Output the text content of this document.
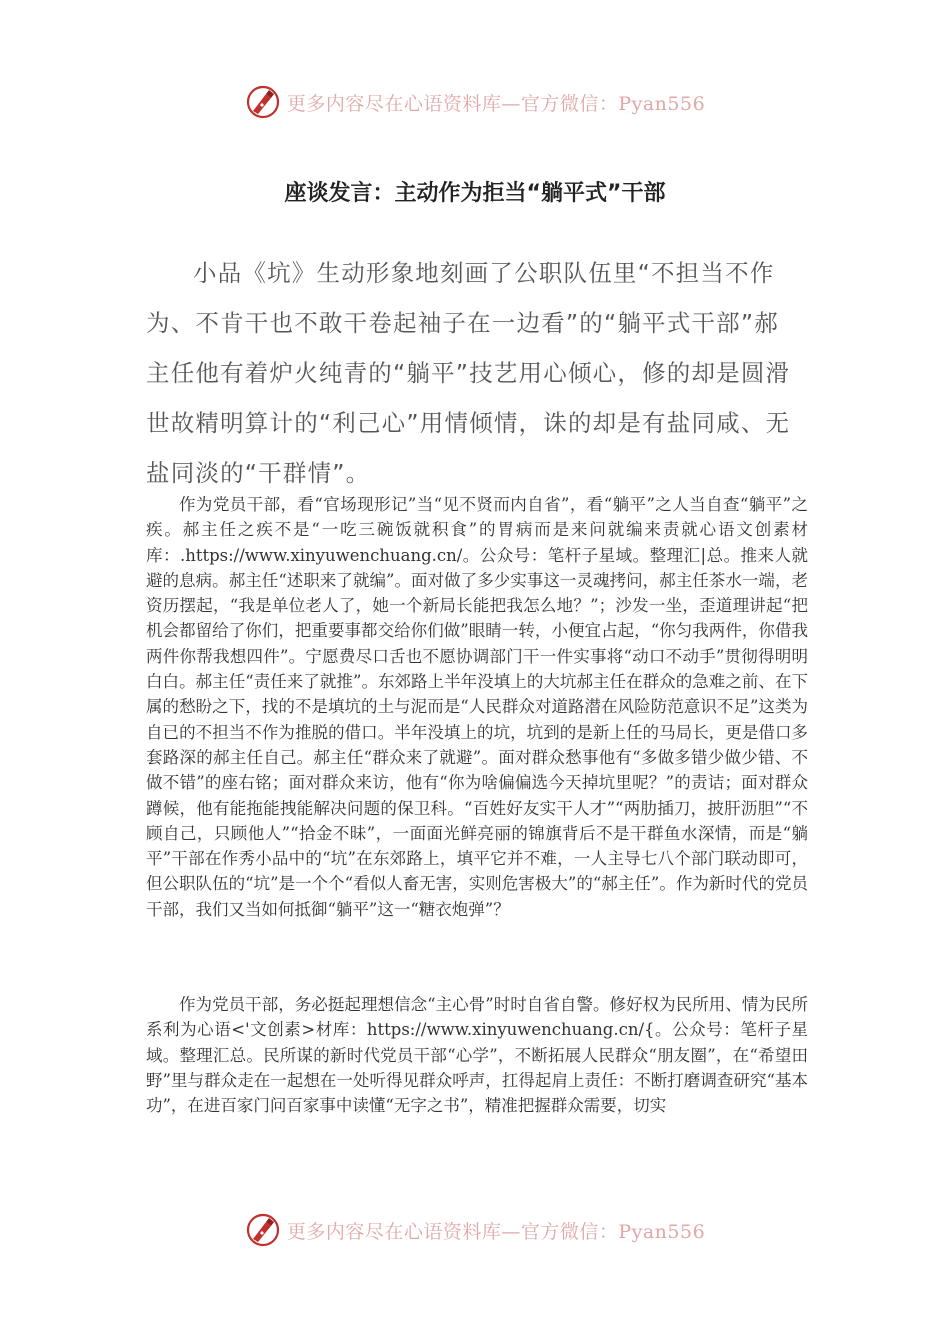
更多内容尽在心语资料库—官方微信：Pyan556
座谈发言：主动作为拒当“躺平式”干部

小品《坑》生动形象地刻画了公职队伍里“不担当不作为、不肯干也不敢干卷起袖子在一边看”的“躺平式干部”郝主任他有着炉火纯青的“躺平”技艺用心倾心，修的却是圆滑世故精明算计的“利己心”用情倾情，诛的却是有盐同咸、无盐同淡的“干群情”。

作为党员干部，看“官场现形记”当“见不贤而内自省”，看“躺平”之人当自查“躺平”之疾。郝主任之疾不是“一吃三碗饭就积食”的胃病而是来问就编来责就心语文创素材库：.https://www.xinyuwenchuang.cn/。公众号：笔杆子星域。整理汇|总。推来人就避的息病。郝主任“述职来了就编”。面对做了多少实事这一灵魂拷问，郝主任茶水一端，老资历摆起，“我是单位老人了，她一个新局长能把我怎么地？”；沙发一坐，歪道理讲起“把机会都留给了你们，把重要事都交给你们做”眼睛一转，小便宜占起，“你匀我两件，你借我两件你帮我想四件”。宁愿费尽口舌也不愿协调部门干一件实事将“动口不动手”贯彻得明明白白。郝主任“责任来了就推”。东郊路上半年没填上的大坑郝主任在群众的急难之前、在下属的愁盼之下，找的不是填坑的土与泥而是“人民群众对道路潜在风险防范意识不足”这类为自已的不担当不作为推脱的借口。半年没填上的坑，坑到的是新上任的马局长，更是借口多套路深的郝主任自己。郝主任“群众来了就避”。面对群众愁事他有“多做多错少做少错、不做不错”的座右铭；面对群众来访，他有“你为啥偏偏选今天掉坑里呢？”的责诘；面对群众蹲候，他有能拖能拽能解决问题的保卫科。“百姓好友实干人才”“两肋插刀，披肝沥胆”“不顾自己，只顾他人”“拾金不昧”，一面面光鲜亮丽的锦旗背后不是干群鱼水深情，而是“躺平”干部在作秀小品中的“坑”在东郊路上，填平它并不难，一人主导七八个部门联动即可，但公职队伍的“坑”是一个个“看似人畜无害，实则危害极大”的“郝主任”。作为新时代的党员干部，我们又当如何抵御“躺平”这一“糖衣炮弹”？

作为党员干部，务必挺起理想信念“主心骨”时时自省自警。修好权为民所用、情为民所系利为心语<'文创素>材库：https://www.xinyuwenchuang.cn/{。公众号：笔杆子星域。整理汇总。民所谋的新时代党员干部“心学”，不断拓展人民群众“朋友圈”，在“希望田野”里与群众走在一起想在一处听得见群众呼声，扛得起肩上责任：不断打磨调查研究“基本功”，在进百家门问百家事中读懂“无字之书”，精准把握群众需要，切实

更多内容尽在心语资料库—官方微信：Pyan556
